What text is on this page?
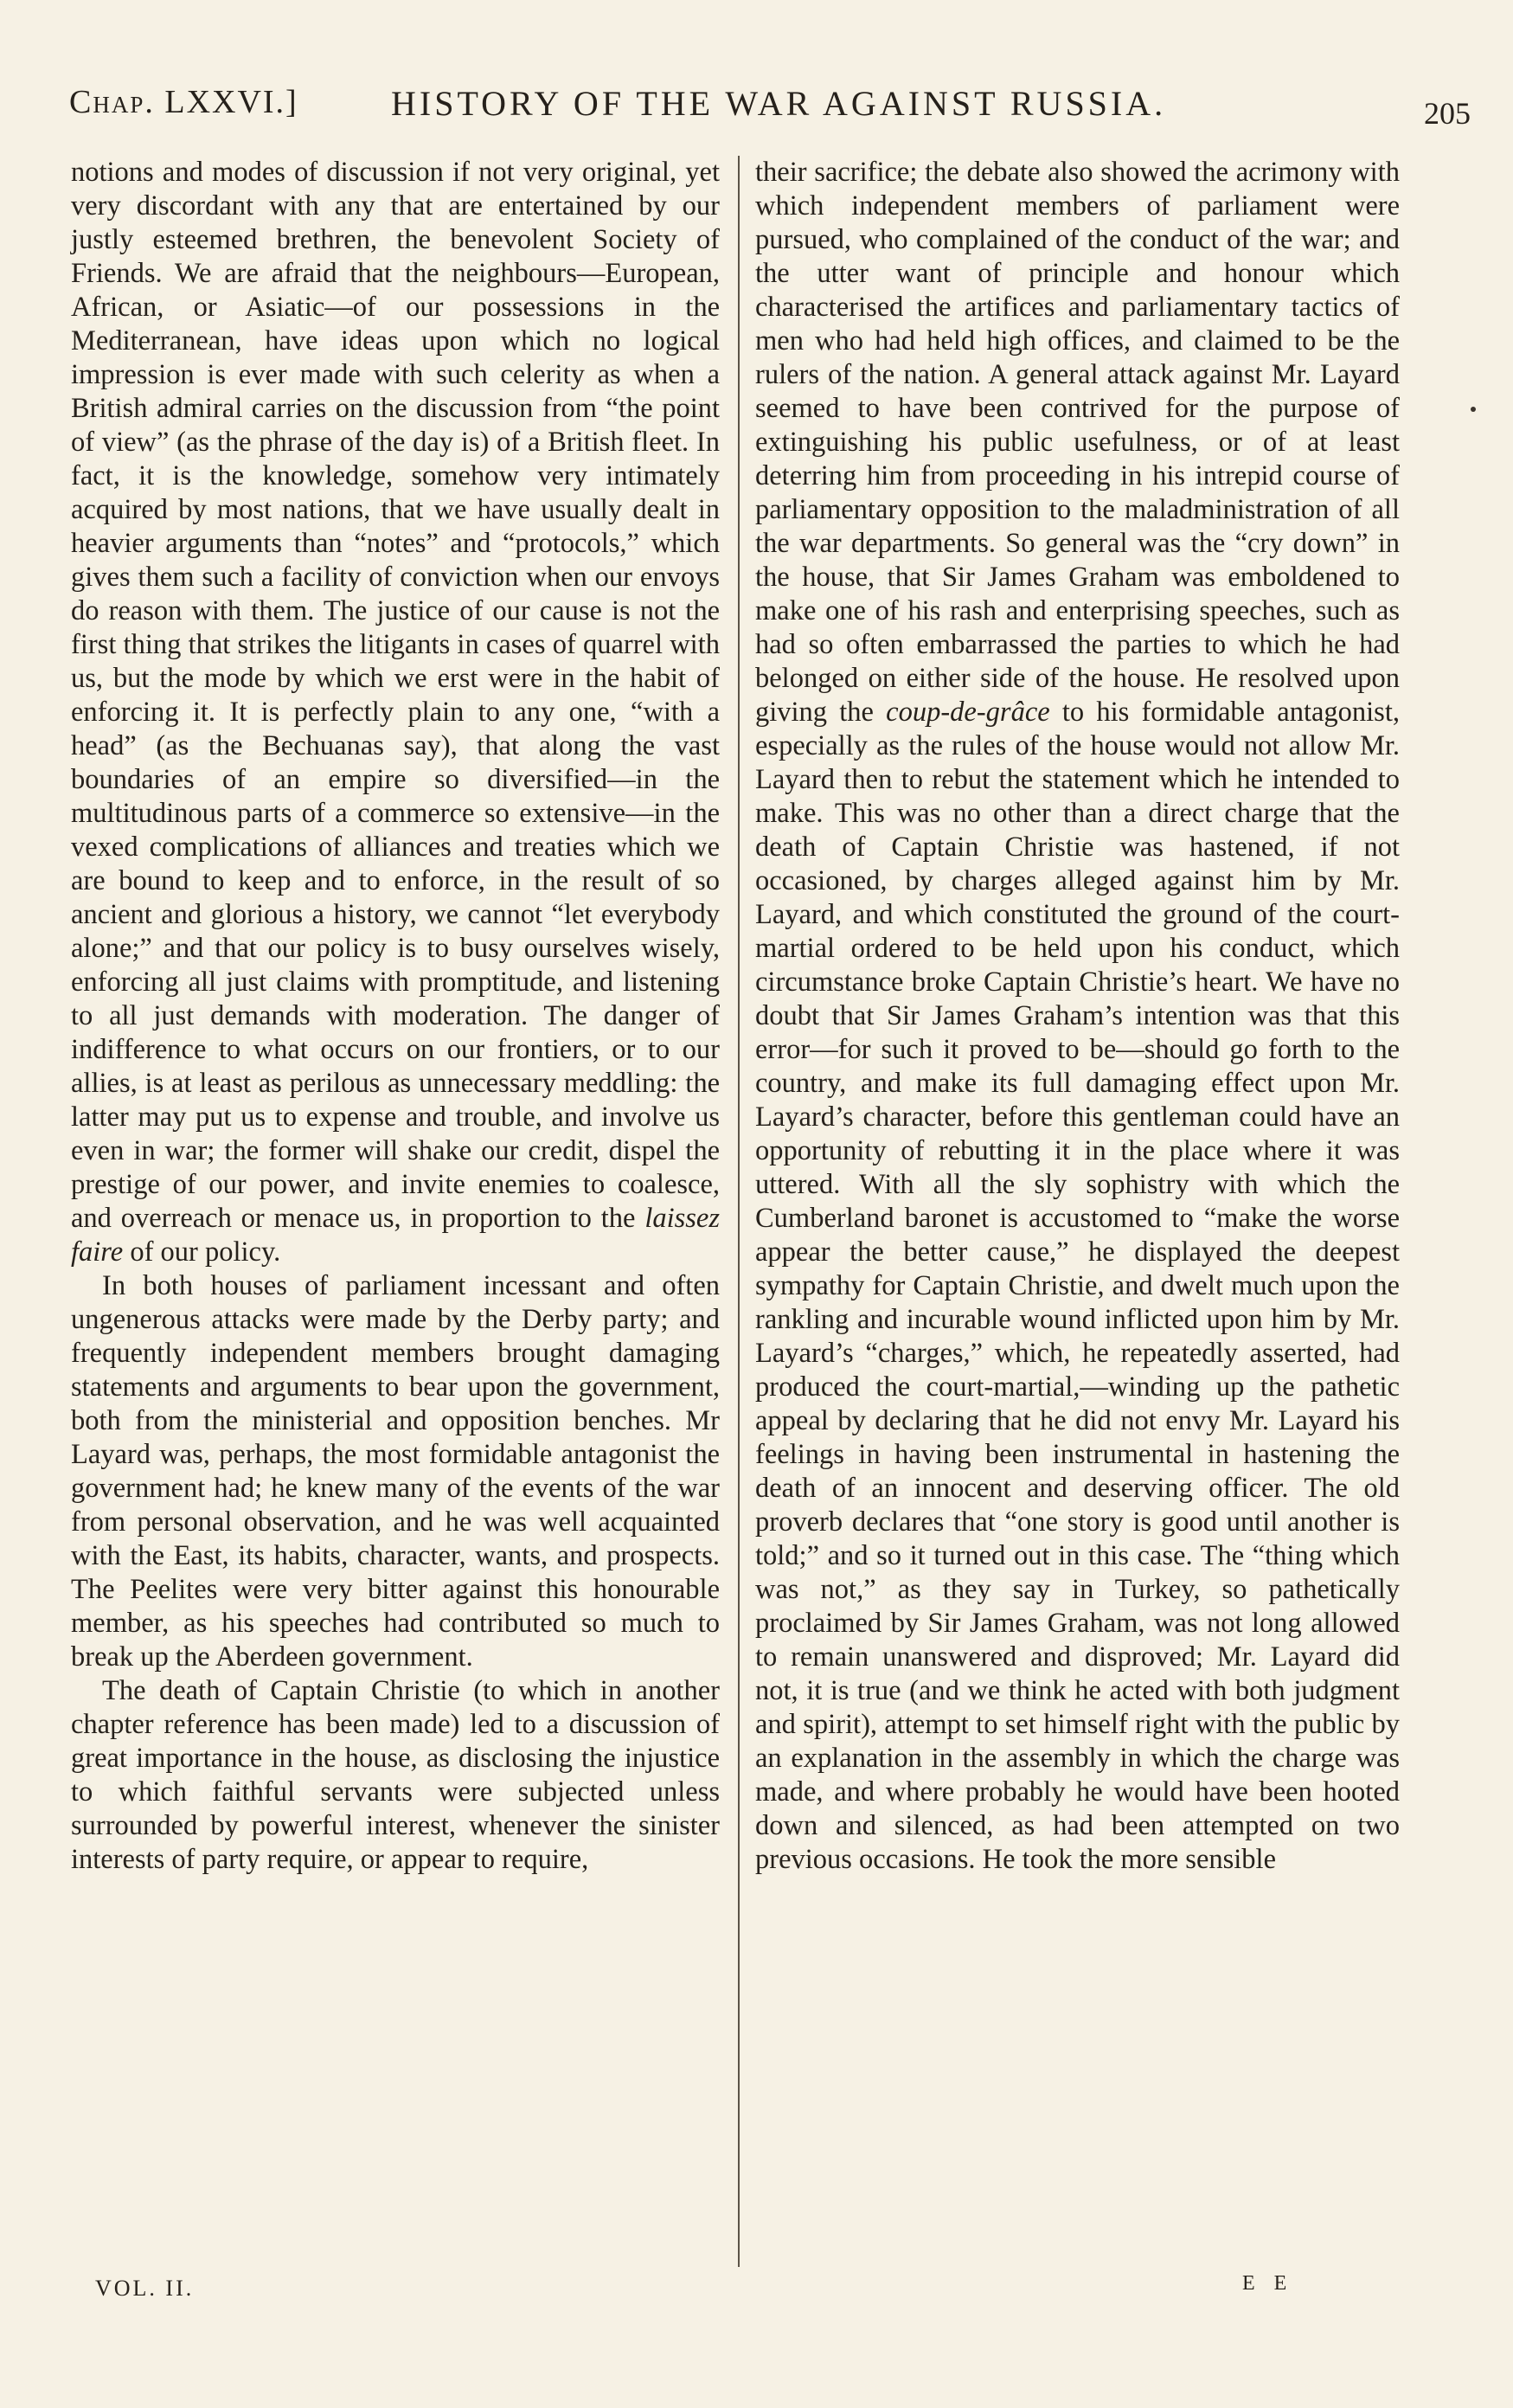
Chap. LXXVI.]	HISTORY OF THE WAR AGAINST RUSSIA.	205

notions and modes of discussion if not very original, yet very discordant with any that are entertained by our justly esteemed brethren, the benevolent Society of Friends. We are afraid that the neighbours—European, African, or Asiatic—of our possessions in the Mediterranean, have ideas upon which no logical impression is ever made with such celerity as when a British admiral carries on the discussion from “the point of view” (as the phrase of the day is) of a British fleet. In fact, it is the knowledge, somehow very intimately acquired by most nations, that we have usually dealt in heavier arguments than “notes” and “protocols,” which gives them such a facility of conviction when our envoys do reason with them. The justice of our cause is not the first thing that strikes the litigants in cases of quarrel with us, but the mode by which we erst were in the habit of enforcing it. It is perfectly plain to any one, “with a head” (as the Bechuanas say), that along the vast boundaries of an empire so diversified—in the multitudinous parts of a commerce so extensive—in the vexed complications of alliances and treaties which we are bound to keep and to enforce, in the result of so ancient and glorious a history, we cannot “let everybody alone;” and that our policy is to busy ourselves wisely, enforcing all just claims with promptitude, and listening to all just demands with moderation. The danger of indifference to what occurs on our frontiers, or to our allies, is at least as perilous as unnecessary meddling: the latter may put us to expense and trouble, and involve us even in war; the former will shake our credit, dispel the prestige of our power, and invite enemies to coalesce, and overreach or menace us, in proportion to the laissez faire of our policy.

In both houses of parliament incessant and often ungenerous attacks were made by the Derby party; and frequently independent members brought damaging statements and arguments to bear upon the government, both from the ministerial and opposition benches. Mr Layard was, perhaps, the most formidable antagonist the government had; he knew many of the events of the war from personal observation, and he was well acquainted with the East, its habits, character, wants, and prospects. The Peelites were very bitter against this honourable member, as his speeches had contributed so much to break up the Aberdeen government.

The death of Captain Christie (to which in another chapter reference has been made) led to a discussion of great importance in the house, as disclosing the injustice to which faithful servants were subjected unless surrounded by powerful interest, whenever the sinister interests of party require, or appear to require,

their sacrifice; the debate also showed the acrimony with which independent members of parliament were pursued, who complained of the conduct of the war; and the utter want of principle and honour which characterised the artifices and parliamentary tactics of men who had held high offices, and claimed to be the rulers of the nation. A general attack against Mr. Layard seemed to have been contrived for the purpose of extinguishing his public usefulness, or of at least deterring him from proceeding in his intrepid course of parliamentary opposition to the maladministration of all the war departments. So general was the “cry down” in the house, that Sir James Graham was emboldened to make one of his rash and enterprising speeches, such as had so often embarrassed the parties to which he had belonged on either side of the house. He resolved upon giving the coup-de-grâce to his formidable antagonist, especially as the rules of the house would not allow Mr. Layard then to rebut the statement which he intended to make. This was no other than a direct charge that the death of Captain Christie was hastened, if not occasioned, by charges alleged against him by Mr. Layard, and which constituted the ground of the court-martial ordered to be held upon his conduct, which circumstance broke Captain Christie’s heart. We have no doubt that Sir James Graham’s intention was that this error—for such it proved to be—should go forth to the country, and make its full damaging effect upon Mr. Layard’s character, before this gentleman could have an opportunity of rebutting it in the place where it was uttered. With all the sly sophistry with which the Cumberland baronet is accustomed to “make the worse appear the better cause,” he displayed the deepest sympathy for Captain Christie, and dwelt much upon the rankling and incurable wound inflicted upon him by Mr. Layard’s “charges,” which, he repeatedly asserted, had produced the court-martial,—winding up the pathetic appeal by declaring that he did not envy Mr. Layard his feelings in having been instrumental in hastening the death of an innocent and deserving officer. The old proverb declares that “one story is good until another is told;” and so it turned out in this case. The “thing which was not,” as they say in Turkey, so pathetically proclaimed by Sir James Graham, was not long allowed to remain unanswered and disproved; Mr. Layard did not, it is true (and we think he acted with both judgment and spirit), attempt to set himself right with the public by an explanation in the assembly in which the charge was made, and where probably he would have been hooted down and silenced, as had been attempted on two previous occasions. He took the more sensible

VOL. II.	E E
